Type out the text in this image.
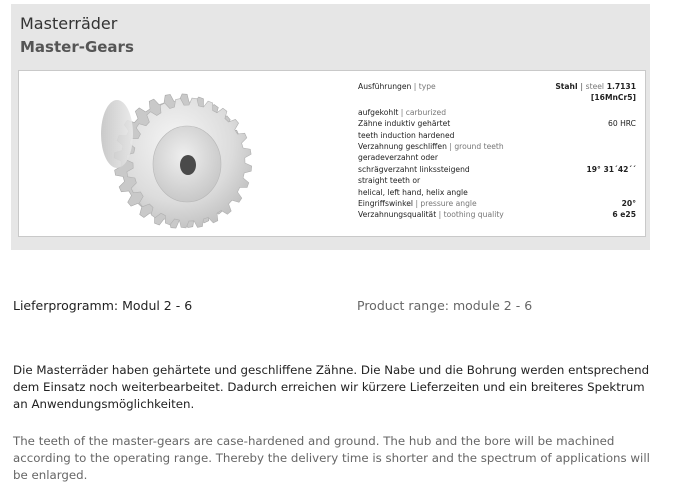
Masterräder
Master-Gears
Ausführungen | type	Stahl | steel 1.7131
[16MnCr5]
aufgekohlt | carburized
Zähne induktiv gehärtet	60 HRC
teeth induction hardened
Verzahnung geschliffen | ground teeth
geradeverzahnt oder
schrägverzahnt linkssteigend	19° 31´42´´
straight teeth or
helical, left hand, helix angle
Eingriffswinkel | pressure angle	20°
Verzahnungsqualität | toothing quality	6 e25
Lieferprogramm: Modul 2 - 6	Product range: module 2 - 6
Die Masterräder haben gehärtete und geschliffene Zähne. Die Nabe und die Bohrung werden entsprechend dem Einsatz noch weiterbearbeitet. Dadurch erreichen wir kürzere Lieferzeiten und ein breiteres Spektrum an Anwendungsmöglichkeiten.
The teeth of the master-gears are case-hardened and ground. The hub and the bore will be machined according to the operating range. Thereby the delivery time is shorter and the spectrum of applications will be enlarged.
